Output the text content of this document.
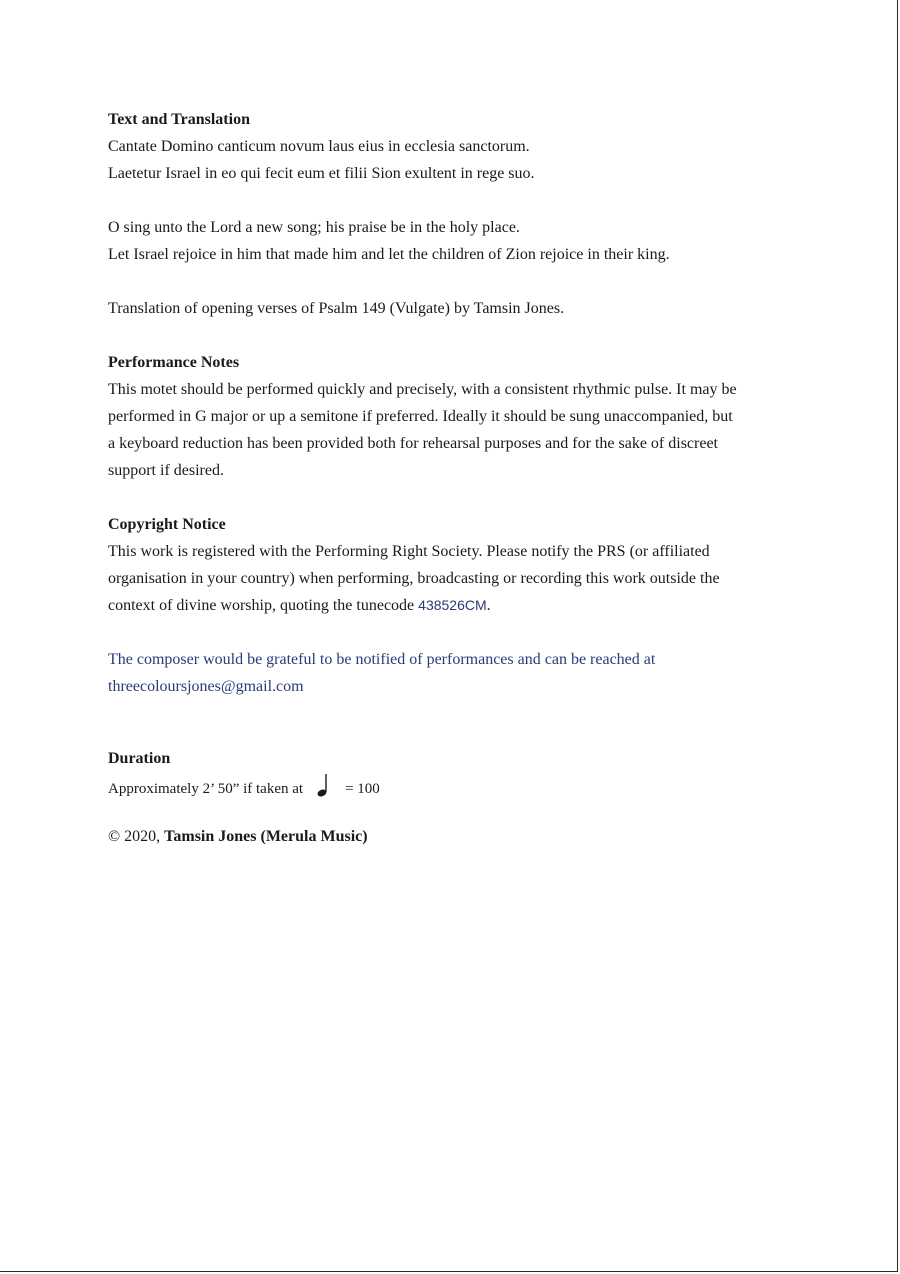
Text and Translation
Cantate Domino canticum novum laus eius in ecclesia sanctorum.
Laetetur Israel in eo qui fecit eum et filii Sion exultent in rege suo.
O sing unto the Lord a new song; his praise be in the holy place.
Let Israel rejoice in him that made him and let the children of Zion rejoice in their king.
Translation of opening verses of Psalm 149 (Vulgate) by Tamsin Jones.
Performance Notes
This motet should be performed quickly and precisely, with a consistent rhythmic pulse. It may be
performed in G major or up a semitone if preferred. Ideally it should be sung unaccompanied, but
a keyboard reduction has been provided both for rehearsal purposes and for the sake of discreet
support if desired.
Copyright Notice
This work is registered with the Performing Right Society. Please notify the PRS (or affiliated
organisation in your country) when performing, broadcasting or recording this work outside the
context of divine worship, quoting the tunecode 438526CM.
The composer would be grateful to be notified of performances and can be reached at
threecoloursjones@gmail.com
Duration
Approximately 2’ 50” if taken at	= 100
© 2020, Tamsin Jones (Merula Music)
